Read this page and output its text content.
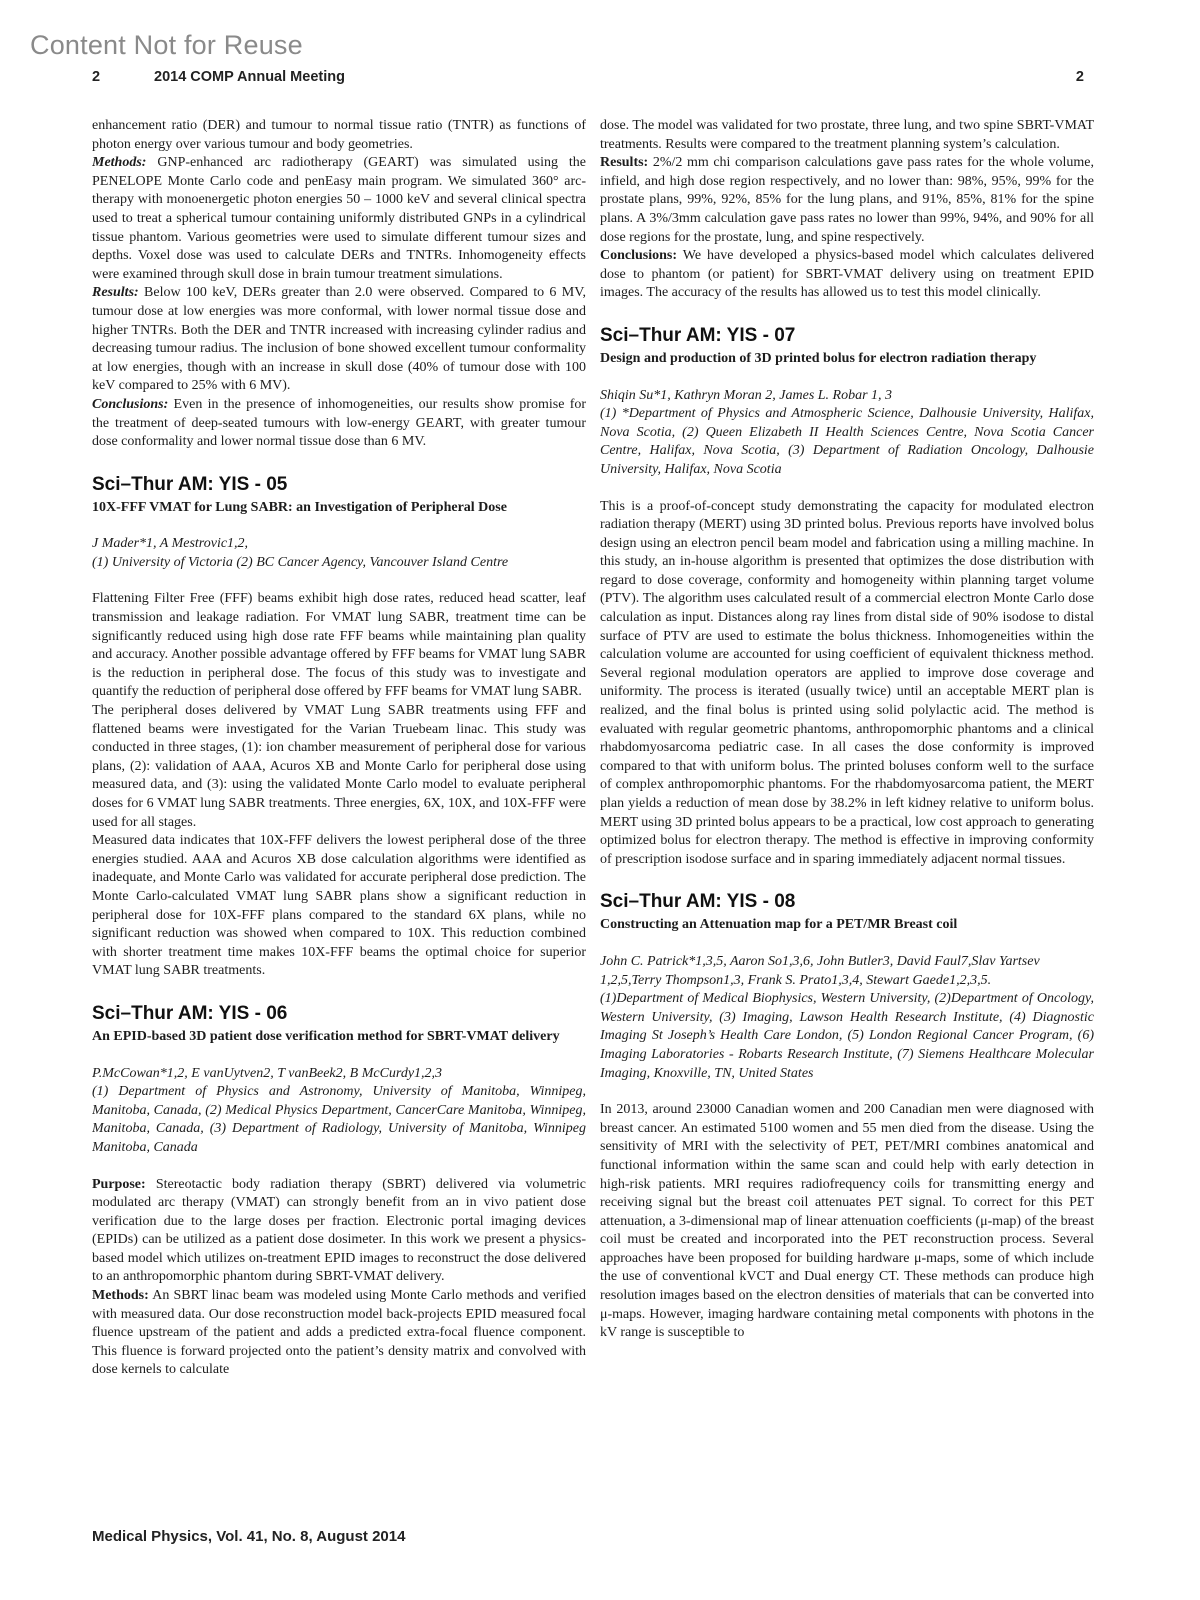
Content Not for Reuse
2	2014 COMP Annual Meeting	2

enhancement ratio (DER) and tumour to normal tissue ratio (TNTR) as functions of photon energy over various tumour and body geometries.

Methods: GNP-enhanced arc radiotherapy (GEART) was simulated using the PENELOPE Monte Carlo code and penEasy main program. We simulated 360° arc-therapy with monoenergetic photon energies 50 – 1000 keV and several clinical spectra used to treat a spherical tumour containing uniformly distributed GNPs in a cylindrical tissue phantom. Various geometries were used to simulate different tumour sizes and depths. Voxel dose was used to calculate DERs and TNTRs. Inhomogeneity effects were examined through skull dose in brain tumour treatment simulations.

Results: Below 100 keV, DERs greater than 2.0 were observed. Compared to 6 MV, tumour dose at low energies was more conformal, with lower normal tissue dose and higher TNTRs. Both the DER and TNTR increased with increasing cylinder radius and decreasing tumour radius. The inclusion of bone showed excellent tumour conformality at low energies, though with an increase in skull dose (40% of tumour dose with 100 keV compared to 25% with 6 MV).

Conclusions: Even in the presence of inhomogeneities, our results show promise for the treatment of deep-seated tumours with low-energy GEART, with greater tumour dose conformality and lower normal tissue dose than 6 MV.

Sci–Thur AM: YIS - 05
10X-FFF VMAT for Lung SABR: an Investigation of Peripheral Dose

J Mader*1, A Mestrovic1,2,

(1) University of Victoria (2) BC Cancer Agency, Vancouver Island Centre

Flattening Filter Free (FFF) beams exhibit high dose rates, reduced head scatter, leaf transmission and leakage radiation. For VMAT lung SABR, treatment time can be significantly reduced using high dose rate FFF beams while maintaining plan quality and accuracy. Another possible advantage offered by FFF beams for VMAT lung SABR is the reduction in peripheral dose. The focus of this study was to investigate and quantify the reduction of peripheral dose offered by FFF beams for VMAT lung SABR.

The peripheral doses delivered by VMAT Lung SABR treatments using FFF and flattened beams were investigated for the Varian Truebeam linac. This study was conducted in three stages, (1): ion chamber measurement of peripheral dose for various plans, (2): validation of AAA, Acuros XB and Monte Carlo for peripheral dose using measured data, and (3): using the validated Monte Carlo model to evaluate peripheral doses for 6 VMAT lung SABR treatments. Three energies, 6X, 10X, and 10X-FFF were used for all stages.

Measured data indicates that 10X-FFF delivers the lowest peripheral dose of the three energies studied. AAA and Acuros XB dose calculation algorithms were identified as inadequate, and Monte Carlo was validated for accurate peripheral dose prediction. The Monte Carlo-calculated VMAT lung SABR plans show a significant reduction in peripheral dose for 10X-FFF plans compared to the standard 6X plans, while no significant reduction was showed when compared to 10X. This reduction combined with shorter treatment time makes 10X-FFF beams the optimal choice for superior VMAT lung SABR treatments.

Sci–Thur AM: YIS - 06
An EPID-based 3D patient dose verification method for SBRT-VMAT delivery

P.McCowan*1,2, E vanUytven2, T vanBeek2, B McCurdy1,2,3

(1) Department of Physics and Astronomy, University of Manitoba, Winnipeg, Manitoba, Canada, (2) Medical Physics Department, CancerCare Manitoba, Winnipeg, Manitoba, Canada, (3) Department of Radiology, University of Manitoba, Winnipeg Manitoba, Canada

Purpose: Stereotactic body radiation therapy (SBRT) delivered via volumetric modulated arc therapy (VMAT) can strongly benefit from an in vivo patient dose verification due to the large doses per fraction. Electronic portal imaging devices (EPIDs) can be utilized as a patient dose dosimeter. In this work we present a physics-based model which utilizes on-treatment EPID images to reconstruct the dose delivered to an anthropomorphic phantom during SBRT-VMAT delivery.

Methods: An SBRT linac beam was modeled using Monte Carlo methods and verified with measured data. Our dose reconstruction model back-projects EPID measured focal fluence upstream of the patient and adds a predicted extra-focal fluence component. This fluence is forward projected onto the patient’s density matrix and convolved with dose kernels to calculate

dose. The model was validated for two prostate, three lung, and two spine SBRT-VMAT treatments. Results were compared to the treatment planning system’s calculation.

Results: 2%/2 mm chi comparison calculations gave pass rates for the whole volume, infield, and high dose region respectively, and no lower than: 98%, 95%, 99% for the prostate plans, 99%, 92%, 85% for the lung plans, and 91%, 85%, 81% for the spine plans. A 3%/3mm calculation gave pass rates no lower than 99%, 94%, and 90% for all dose regions for the prostate, lung, and spine respectively.

Conclusions: We have developed a physics-based model which calculates delivered dose to phantom (or patient) for SBRT-VMAT delivery using on treatment EPID images. The accuracy of the results has allowed us to test this model clinically.

Sci–Thur AM: YIS - 07
Design and production of 3D printed bolus for electron radiation therapy

Shiqin Su*1, Kathryn Moran 2, James L. Robar 1, 3

(1) *Department of Physics and Atmospheric Science, Dalhousie University, Halifax, Nova Scotia, (2) Queen Elizabeth II Health Sciences Centre, Nova Scotia Cancer Centre, Halifax, Nova Scotia, (3) Department of Radiation Oncology, Dalhousie University, Halifax, Nova Scotia

This is a proof-of-concept study demonstrating the capacity for modulated electron radiation therapy (MERT) using 3D printed bolus. Previous reports have involved bolus design using an electron pencil beam model and fabrication using a milling machine. In this study, an in-house algorithm is presented that optimizes the dose distribution with regard to dose coverage, conformity and homogeneity within planning target volume (PTV). The algorithm uses calculated result of a commercial electron Monte Carlo dose calculation as input. Distances along ray lines from distal side of 90% isodose to distal surface of PTV are used to estimate the bolus thickness. Inhomogeneities within the calculation volume are accounted for using coefficient of equivalent thickness method. Several regional modulation operators are applied to improve dose coverage and uniformity. The process is iterated (usually twice) until an acceptable MERT plan is realized, and the final bolus is printed using solid polylactic acid. The method is evaluated with regular geometric phantoms, anthropomorphic phantoms and a clinical rhabdomyosarcoma pediatric case. In all cases the dose conformity is improved compared to that with uniform bolus. The printed boluses conform well to the surface of complex anthropomorphic phantoms. For the rhabdomyosarcoma patient, the MERT plan yields a reduction of mean dose by 38.2% in left kidney relative to uniform bolus. MERT using 3D printed bolus appears to be a practical, low cost approach to generating optimized bolus for electron therapy. The method is effective in improving conformity of prescription isodose surface and in sparing immediately adjacent normal tissues.

Sci–Thur AM: YIS - 08
Constructing an Attenuation map for a PET/MR Breast coil

John C. Patrick*1,3,5, Aaron So1,3,6, John Butler3, David Faul7,Slav Yartsev 1,2,5,Terry Thompson1,3, Frank S. Prato1,3,4, Stewart Gaede1,2,3,5.

(1)Department of Medical Biophysics, Western University, (2)Department of Oncology, Western University, (3) Imaging, Lawson Health Research Institute, (4) Diagnostic Imaging St Joseph’s Health Care London, (5) London Regional Cancer Program, (6) Imaging Laboratories - Robarts Research Institute, (7) Siemens Healthcare Molecular Imaging, Knoxville, TN, United States

In 2013, around 23000 Canadian women and 200 Canadian men were diagnosed with breast cancer. An estimated 5100 women and 55 men died from the disease. Using the sensitivity of MRI with the selectivity of PET, PET/MRI combines anatomical and functional information within the same scan and could help with early detection in high-risk patients. MRI requires radiofrequency coils for transmitting energy and receiving signal but the breast coil attenuates PET signal. To correct for this PET attenuation, a 3-dimensional map of linear attenuation coefficients (μ-map) of the breast coil must be created and incorporated into the PET reconstruction process. Several approaches have been proposed for building hardware μ-maps, some of which include the use of conventional kVCT and Dual energy CT. These methods can produce high resolution images based on the electron densities of materials that can be converted into μ-maps. However, imaging hardware containing metal components with photons in the kV range is susceptible to

Medical Physics, Vol. 41, No. 8, August 2014
